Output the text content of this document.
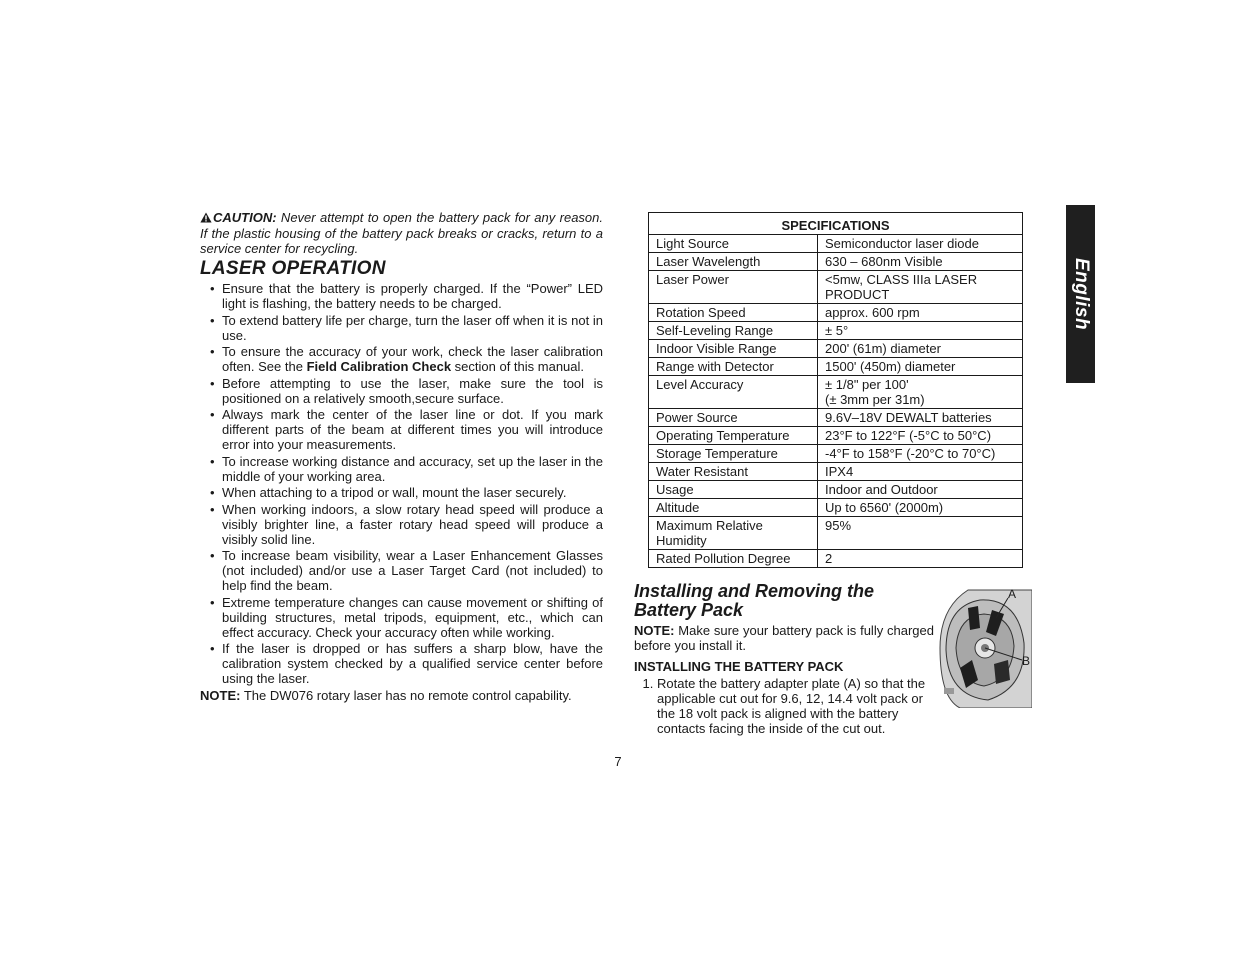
CAUTION: Never attempt to open the battery pack for any reason. If the plastic housing of the battery pack breaks or cracks, return to a service center for recycling.

LASER OPERATION
• Ensure that the battery is properly charged. If the “Power” LED light is flashing, the battery needs to be charged.
• To extend battery life per charge, turn the laser off when it is not in use.
• To ensure the accuracy of your work, check the laser calibration often. See the Field Calibration Check section of this manual.
• Before attempting to use the laser, make sure the tool is positioned on a relatively smooth,secure surface.
• Always mark the center of the laser line or dot. If you mark different parts of the beam at different times you will introduce error into your measurements.
• To increase working distance and accuracy, set up the laser in the middle of your working area.
• When attaching to a tripod or wall, mount the laser securely.
• When working indoors, a slow rotary head speed will produce a visibly brighter line, a faster rotary head speed will produce a visibly solid line.
• To increase beam visibility, wear a Laser Enhancement Glasses (not included) and/or use a Laser Target Card (not included) to help find the beam.
• Extreme temperature changes can cause movement or shifting of building structures, metal tripods, equipment, etc., which can effect accuracy. Check your accuracy often while working.
• If the laser is dropped or has suffers a sharp blow, have the calibration system checked by a qualified service center before using the laser.

NOTE: The DW076 rotary laser has no remote control capability.

SPECIFICATIONS	
Light Source	Semiconductor laser diode
Laser Wavelength	630 – 680nm Visible
Laser Power	<5mw, CLASS IIIa LASER PRODUCT
Rotation Speed	approx. 600 rpm
Self-Leveling Range	± 5°
Indoor Visible Range	200' (61m) diameter
Range with Detector	1500' (450m) diameter
Level Accuracy	± 1/8" per 100'
(± 3mm per 31m)
Power Source	9.6V–18V DEWALT batteries
Operating Temperature	23°F to 122°F (-5°C to 50°C)
Storage Temperature	-4°F to 158°F (-20°C to 70°C)
Water Resistant	IPX4
Usage	Indoor and Outdoor
Altitude	Up to 6560' (2000m)
Maximum Relative Humidity	95%
Rated Pollution Degree	2
Installing and Removing the Battery Pack

NOTE: Make sure your battery pack is fully charged before you install it.

INSTALLING THE BATTERY PACK
1. Rotate the battery adapter plate (A) so that the applicable cut out for 9.6, 12, 14.4 volt pack or the 18 volt pack is aligned with the battery contacts facing the inside of the cut out.
A
B
7
English
